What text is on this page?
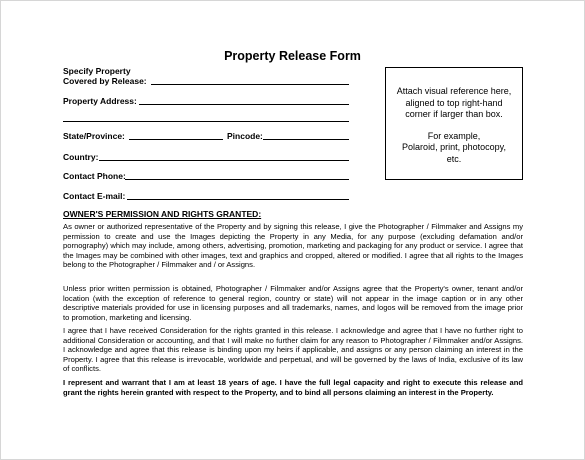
Property Release Form
Specify Property
Covered by Release:
Property Address:
State/Province:	Pincode:
Country:
Contact Phone:
Contact E-mail:

Attach visual reference here,

aligned to top right-hand

corner if larger than box.

For example,

Polaroid, print, photocopy,

etc.

OWNER'S PERMISSION AND RIGHTS GRANTED:

As owner or authorized representative of the Property and by signing this release, I give the Photographer / Filmmaker and Assigns my permission to create and use the Images depicting the Property in any Media, for any purpose (excluding defamation and/or pornography) which may include, among others, advertising, promotion, marketing and packaging for any product or service. I agree that the Images may be combined with other images, text and graphics and cropped, altered or modified. I agree that all rights to the Images belong to the Photographer / Filmmaker and / or Assigns.

Unless prior written permission is obtained, Photographer / Filmmaker and/or Assigns agree that the Property's owner, tenant and/or location (with the exception of reference to general region, country or state) will not appear in the image caption or in any other descriptive materials provided for use in licensing purposes and all trademarks, names, and logos will be removed from the image prior to promotion, marketing and licensing.

I agree that I have received Consideration for the rights granted in this release. I acknowledge and agree that I have no further right to additional Consideration or accounting, and that I will make no further claim for any reason to Photographer / Filmmaker and/or Assigns. I acknowledge and agree that this release is binding upon my heirs if applicable, and assigns or any person claiming an interest in the Property. I agree that this release is irrevocable, worldwide and perpetual, and will be governed by the laws of India, exclusive of its law of conflicts.

I represent and warrant that I am at least 18 years of age. I have the full legal capacity and right to execute this release and grant the rights herein granted with respect to the Property, and to bind all persons claiming an interest in the Property.
